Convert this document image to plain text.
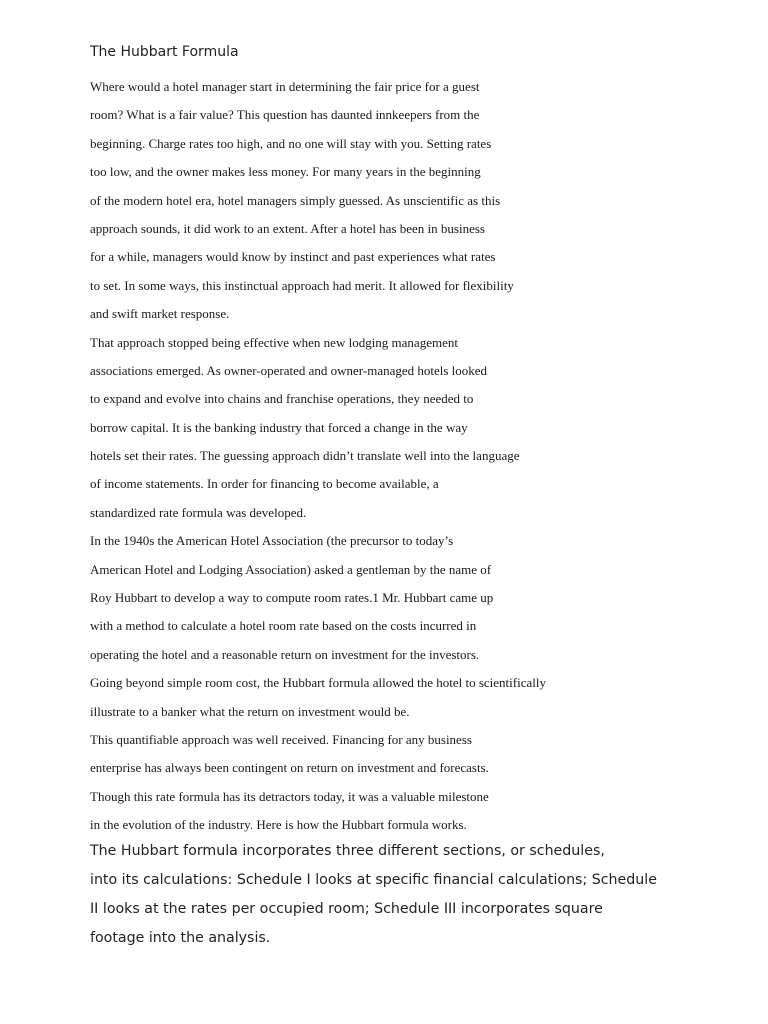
The Hubbart Formula
Where would a hotel manager start in determining the fair price for a guest
room? What is a fair value? This question has daunted innkeepers from the
beginning. Charge rates too high, and no one will stay with you. Setting rates
too low, and the owner makes less money. For many years in the beginning
of the modern hotel era, hotel managers simply guessed. As unscientific as this
approach sounds, it did work to an extent. After a hotel has been in business
for a while, managers would know by instinct and past experiences what rates
to set. In some ways, this instinctual approach had merit. It allowed for flexibility
and swift market response.
That approach stopped being effective when new lodging management
associations emerged. As owner-operated and owner-managed hotels looked
to expand and evolve into chains and franchise operations, they needed to
borrow capital. It is the banking industry that forced a change in the way
hotels set their rates. The guessing approach didn’t translate well into the language
of income statements. In order for financing to become available, a
standardized rate formula was developed.
In the 1940s the American Hotel Association (the precursor to today’s
American Hotel and Lodging Association) asked a gentleman by the name of
Roy Hubbart to develop a way to compute room rates.1 Mr. Hubbart came up
with a method to calculate a hotel room rate based on the costs incurred in
operating the hotel and a reasonable return on investment for the investors.
Going beyond simple room cost, the Hubbart formula allowed the hotel to scientifically
illustrate to a banker what the return on investment would be.
This quantifiable approach was well received. Financing for any business
enterprise has always been contingent on return on investment and forecasts.
Though this rate formula has its detractors today, it was a valuable milestone
in the evolution of the industry. Here is how the Hubbart formula works.
The Hubbart formula incorporates three different sections, or schedules,
into its calculations: Schedule I looks at specific financial calculations; Schedule
II looks at the rates per occupied room; Schedule III incorporates square
footage into the analysis.
